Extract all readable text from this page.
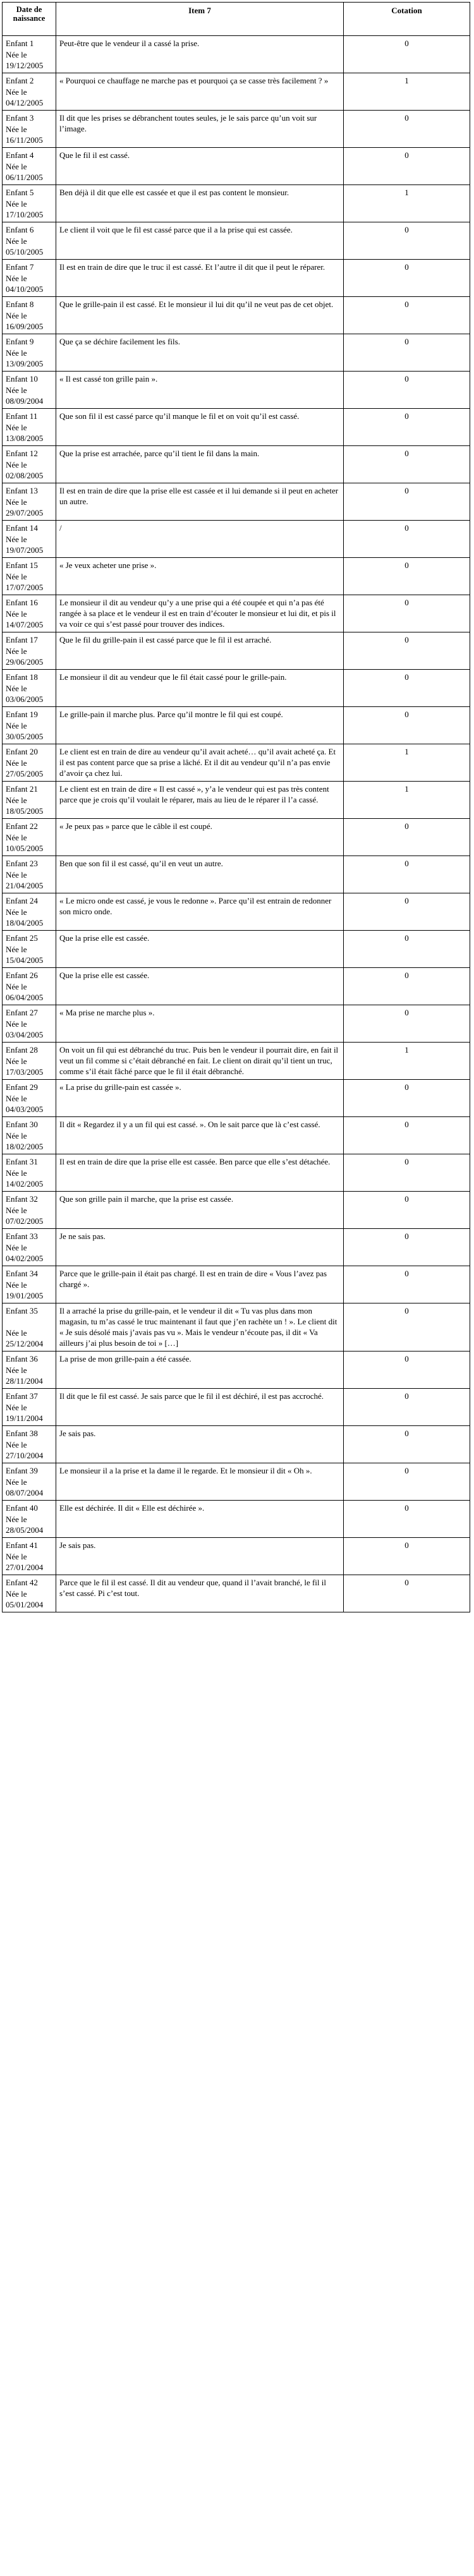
Date de naissance	Item 7	Cotation

Enfant 1
Née le 19/12/2005	Peut-être que le vendeur il a cassé la prise.	0

Enfant 2
Née le 04/12/2005	« Pourquoi ce chauffage ne marche pas et pourquoi ça se casse très facilement ? »	1

Enfant 3
Née le 16/11/2005	Il dit que les prises se débranchent toutes seules, je le sais parce qu’un voit sur l’image.	0

Enfant 4
Née le 06/11/2005	Que le fil il est cassé.	0

Enfant 5
Née le 17/10/2005	Ben déjà il dit que elle est cassée et que il est pas content le monsieur.	1

Enfant 6
Née le 05/10/2005	Le client il voit que le fil est cassé parce que il a la prise qui est cassée.	0

Enfant 7
Née le 04/10/2005	Il est en train de dire que le truc il est cassé. Et l’autre il dit que il peut le réparer.	0

Enfant 8
Née le 16/09/2005	Que le grille-pain il est cassé. Et le monsieur il lui dit qu’il ne veut pas de cet objet.	0

Enfant 9
Née le 13/09/2005	Que ça se déchire facilement les fils.	0

Enfant 10
Née le 08/09/2004	« Il est cassé ton grille pain ».	0

Enfant 11
Née le 13/08/2005	Que son fil il est cassé parce qu’il manque le fil et on voit qu’il est cassé.	0

Enfant 12
Née le 02/08/2005	Que la prise est arrachée, parce qu’il tient le fil dans la main.	0

Enfant 13
Née le 29/07/2005	Il est en train de dire que la prise elle est cassée et il lui demande si il peut en acheter un autre.	0

Enfant 14
Née le 19/07/2005	/	0

Enfant 15
Née le 17/07/2005	« Je veux acheter une prise ».	0

Enfant 16
Née le 14/07/2005	Le monsieur il dit au vendeur qu’y a une prise qui a été coupée et qui n’a pas été rangée à sa place et le vendeur il est en train d’écouter le monsieur et lui dit, et pis il va voir ce qui s’est passé pour trouver des indices.	0

Enfant 17
Née le 29/06/2005	Que le fil du grille-pain il est cassé parce que le fil il est arraché.	0

Enfant 18
Née le 03/06/2005	Le monsieur il dit au vendeur que le fil était cassé pour le grille-pain.	0

Enfant 19
Née le 30/05/2005	Le grille-pain il marche plus. Parce qu’il montre le fil qui est coupé.	0

Enfant 20
Née le 27/05/2005	Le client est en train de dire au vendeur qu’il avait acheté… qu’il avait acheté ça. Et il est pas content parce que sa prise a lâché. Et il dit au vendeur qu’il n’a pas envie d’avoir ça chez lui.	1

Enfant 21
Née le 18/05/2005	Le client est en train de dire « Il est cassé », y’a le vendeur qui est pas très content parce que je crois qu’il voulait le réparer, mais au lieu de le réparer il l’a cassé.	1

Enfant 22
Née le 10/05/2005	« Je peux pas » parce que le câble il est coupé.	0

Enfant 23
Née le 21/04/2005	Ben que son fil il est cassé, qu’il en veut un autre.	0

Enfant 24
Née le 18/04/2005	« Le micro onde est cassé, je vous le redonne ». Parce qu’il est entrain de redonner son micro onde.	0

Enfant 25
Née le 15/04/2005	Que la prise elle est cassée.	0

Enfant 26
Née le 06/04/2005	Que la prise elle est cassée.	0

Enfant 27
Née le 03/04/2005	« Ma prise ne marche plus ».	0

Enfant 28
Née le 17/03/2005	On voit un fil qui est débranché du truc. Puis ben le vendeur il pourrait dire, en fait il veut un fil comme si c’était débranché en fait. Le client on dirait qu’il tient un truc, comme s’il était fâché parce que le fil il était débranché.	1

Enfant 29
Née le 04/03/2005	« La prise du grille-pain est cassée ».	0

Enfant 30
Née le 18/02/2005	Il dit « Regardez il y a un fil qui est cassé. ». On le sait parce que là c’est cassé.	0

Enfant 31
Née le 14/02/2005	Il est en train de dire que la prise elle est cassée. Ben parce que elle s’est détachée.	0

Enfant 32
Née le 07/02/2005	Que son grille pain il marche, que la prise est cassée.	0

Enfant 33
Née le 04/02/2005	Je ne sais pas.	0

Enfant 34
Née le 19/01/2005	Parce que le grille-pain il était pas chargé. Il est en train de dire « Vous l’avez pas chargé ».	0

Enfant 35
Née le 25/12/2004	Il a arraché la prise du grille-pain, et le vendeur il dit « Tu vas plus dans mon magasin, tu m’as cassé le truc maintenant il faut que j’en rachète un ! ». Le client dit « Je suis désolé mais j’avais pas vu ». Mais le vendeur n’écoute pas, il dit « Va ailleurs j’ai plus besoin de toi » […]	0

Enfant 36
Née le 28/11/2004	La prise de mon grille-pain a été cassée.	0

Enfant 37
Née le 19/11/2004	Il dit que le fil est cassé. Je sais parce que le fil il est déchiré, il est pas accroché.	0

Enfant 38
Née le 27/10/2004	Je sais pas.	0

Enfant 39
Née le 08/07/2004	Le monsieur il a la prise et la dame il le regarde. Et le monsieur il dit « Oh ».	0

Enfant 40
Née le 28/05/2004	Elle est déchirée. Il dit « Elle est déchirée ».	0

Enfant 41
Née le 27/01/2004	Je sais pas.	0

Enfant 42
Née le 05/01/2004	Parce que le fil il est cassé. Il dit au vendeur que, quand il l’avait branché, le fil il s’est cassé. Pi c’est tout.	0
